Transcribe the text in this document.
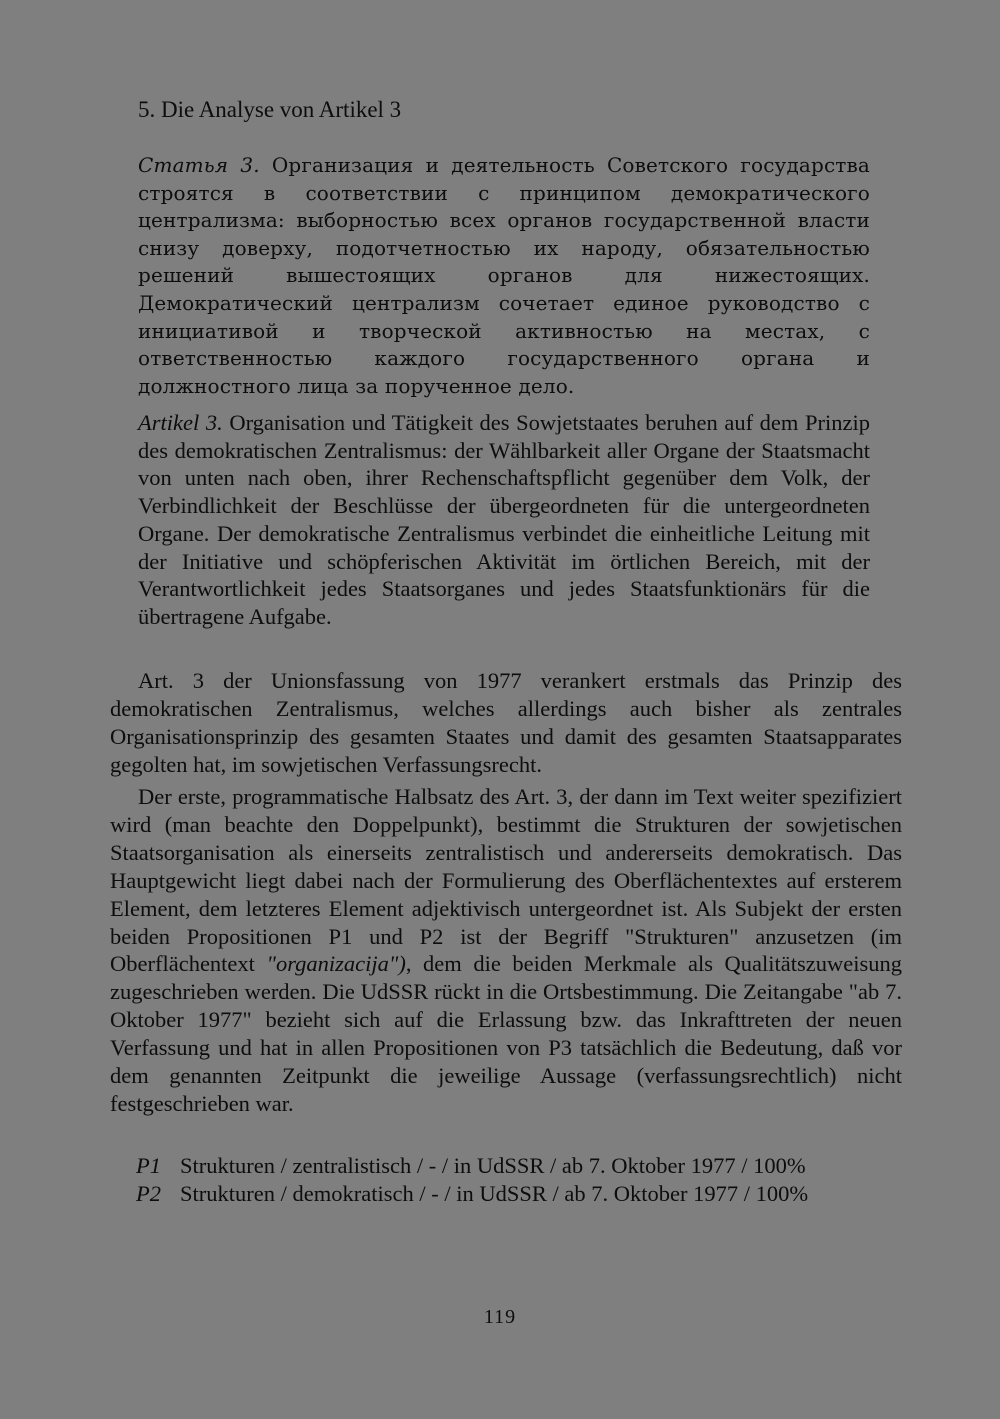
5. Die Analyse von Artikel 3

Статья 3. Организация и деятельность Советского государства строятся в соответствии с принципом демократического централизма: выборностью всех органов государственной власти снизу доверху, подотчетностью их народу, обязательностью решений вышестоящих органов для нижестоящих. Демократический централизм сочетает единое руководство с инициативой и творческой активностью на местах, с ответственностью каждого государственного органа и должностного лица за порученное дело.

Artikel 3. Organisation und Tätigkeit des Sowjetstaates beruhen auf dem Prinzip des demokratischen Zentralismus: der Wählbarkeit aller Organe der Staatsmacht von unten nach oben, ihrer Rechenschaftspflicht gegenüber dem Volk, der Verbindlichkeit der Beschlüsse der übergeordneten für die untergeordneten Organe. Der demokratische Zentralismus verbindet die einheitliche Leitung mit der Initiative und schöpferischen Aktivität im örtlichen Bereich, mit der Verantwortlichkeit jedes Staatsorganes und jedes Staatsfunktionärs für die übertragene Aufgabe.

Art. 3 der Unionsfassung von 1977 verankert erstmals das Prinzip des demokratischen Zentralismus, welches allerdings auch bisher als zentrales Organisationsprinzip des gesamten Staates und damit des gesamten Staatsapparates gegolten hat, im sowjetischen Verfassungsrecht.

Der erste, programmatische Halbsatz des Art. 3, der dann im Text weiter spezifiziert wird (man beachte den Doppelpunkt), bestimmt die Strukturen der sowjetischen Staatsorganisation als einerseits zentralistisch und andererseits demokratisch. Das Hauptgewicht liegt dabei nach der Formulierung des Oberflächentextes auf ersterem Element, dem letzteres Element adjektivisch untergeordnet ist. Als Subjekt der ersten beiden Propositionen P1 und P2 ist der Begriff "Strukturen" anzusetzen (im Oberflächentext "organizacija"), dem die beiden Merkmale als Qualitätszuweisung zugeschrieben werden. Die UdSSR rückt in die Ortsbestimmung. Die Zeitangabe "ab 7. Oktober 1977" bezieht sich auf die Erlassung bzw. das Inkrafttreten der neuen Verfassung und hat in allen Propositionen von P3 tatsächlich die Bedeutung, daß vor dem genannten Zeitpunkt die jeweilige Aussage (verfassungsrechtlich) nicht festgeschrieben war.

P1 Strukturen / zentralistisch / - / in UdSSR / ab 7. Oktober 1977 / 100%
P2 Strukturen / demokratisch / - / in UdSSR / ab 7. Oktober 1977 / 100%
119
